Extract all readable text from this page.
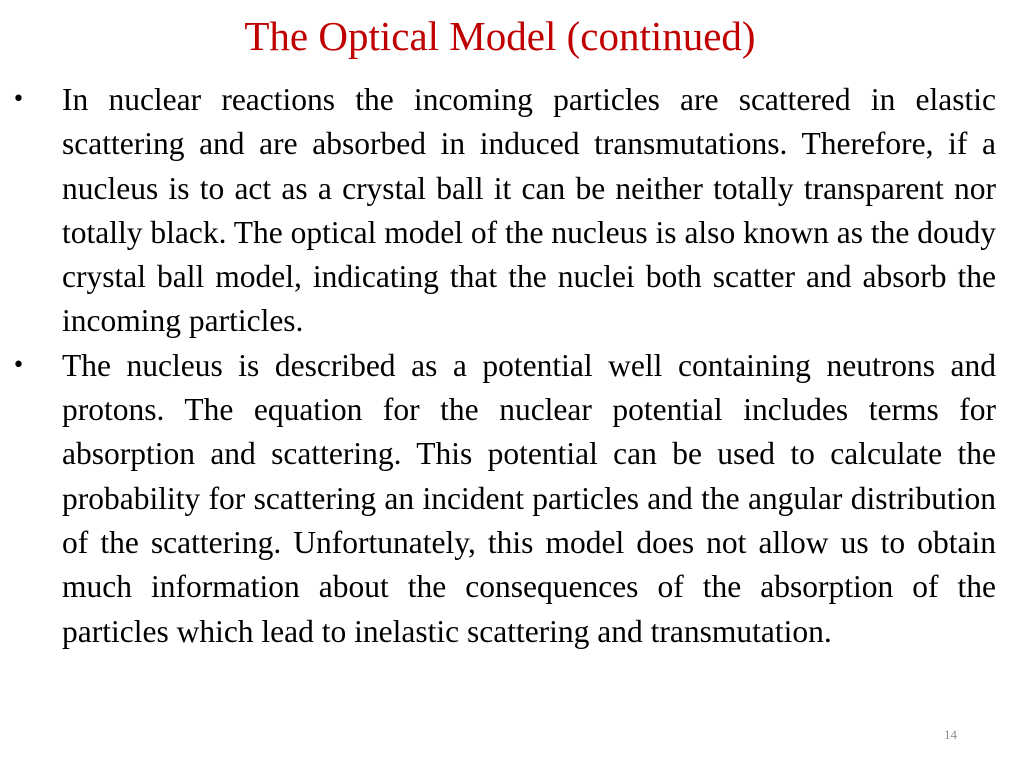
The Optical Model (continued)
• In nuclear reactions the incoming particles are scattered in elastic scattering and are absorbed in induced transmutations. Therefore, if a nucleus is to act as a crystal ball it can be neither totally transparent nor totally black. The optical model of the nucleus is also known as the doudy crystal ball model, indicating that the nuclei both scatter and absorb the incoming particles.
• The nucleus is described as a potential well containing neutrons and protons. The equation for the nuclear potential includes terms for absorption and scattering. This potential can be used to calculate the probability for scattering an incident particles and the angular distribution of the scattering. Unfortunately, this model does not allow us to obtain much information about the consequences of the absorption of the particles which lead to inelastic scattering and transmutation.
14
